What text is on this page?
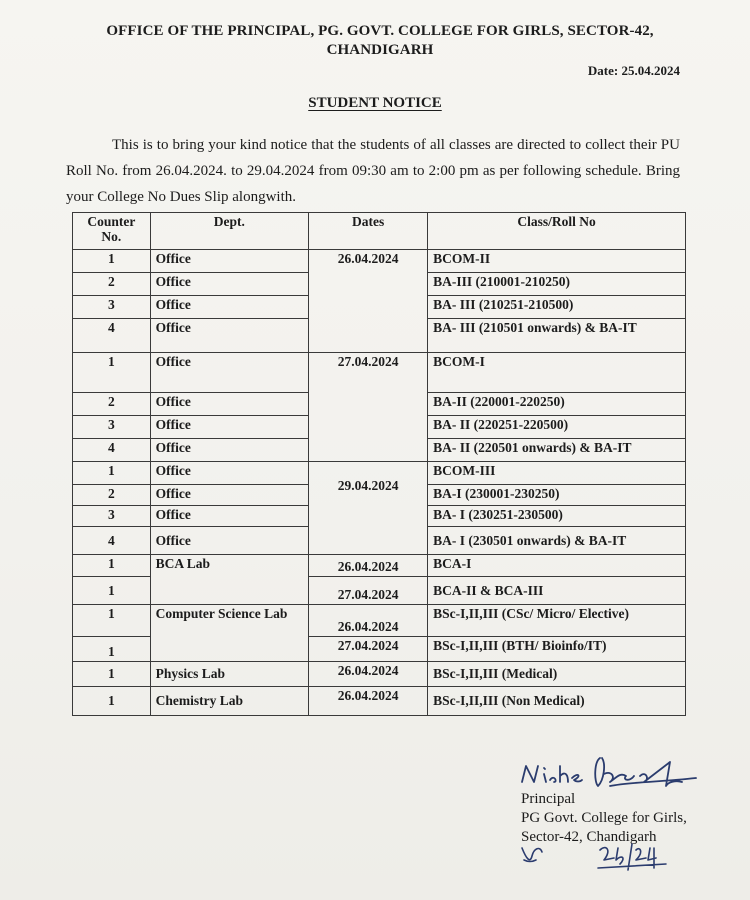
OFFICE OF THE PRINCIPAL, PG. GOVT. COLLEGE FOR GIRLS, SECTOR-42,
CHANDIGARH
Date: 25.04.2024
STUDENT NOTICE
This is to bring your kind notice that the students of all classes are directed to collect their PU Roll No. from 26.04.2024. to 29.04.2024 from 09:30 am to 2:00 pm as per following schedule. Bring your College No Dues Slip alongwith.
Counter No.	Dept.	Dates	Class/Roll No
1	Office	26.04.2024	BCOM-II
2	Office		BA-III (210001-210250)
3	Office		BA- III (210251-210500)
4	Office		BA- III (210501 onwards) & BA-IT
1	Office	27.04.2024	BCOM-I
2	Office		BA-II (220001-220250)
3	Office		BA- II (220251-220500)
4	Office		BA- II (220501 onwards) & BA-IT
1	Office	29.04.2024	BCOM-III
2	Office		BA-I (230001-230250)
3	Office		BA- I (230251-230500)
4	Office		BA- I (230501 onwards) & BA-IT
1	BCA Lab	26.04.2024	BCA-I
1		27.04.2024	BCA-II & BCA-III
1	Computer Science Lab	26.04.2024	BSc-I,II,III (CSc/ Micro/ Elective)
1		27.04.2024	BSc-I,II,III (BTH/ Bioinfo/IT)
1	Physics Lab	26.04.2024	BSc-I,II,III (Medical)
1	Chemistry Lab	26.04.2024	BSc-I,II,III (Non Medical)
Principal
PG Govt. College for Girls,
Sector-42, Chandigarh
